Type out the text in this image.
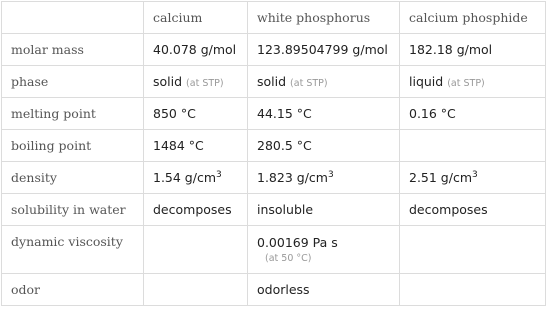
	calcium	white phosphorus	calcium phosphide
molar mass	40.078 g/mol	123.89504799 g/mol	182.18 g/mol
phase	solid (at STP)	solid (at STP)	liquid (at STP)
melting point	850 °C	44.15 °C	0.16 °C
boiling point	1484 °C	280.5 °C	
density	1.54 $g/cm^3$	1.823 $g/cm^3$	2.51 $g/cm^3$
solubility in water	decomposes	insoluble	decomposes
dynamic viscosity		0.00169 Pa s
(at 50 °C)	

odor		odorless	
